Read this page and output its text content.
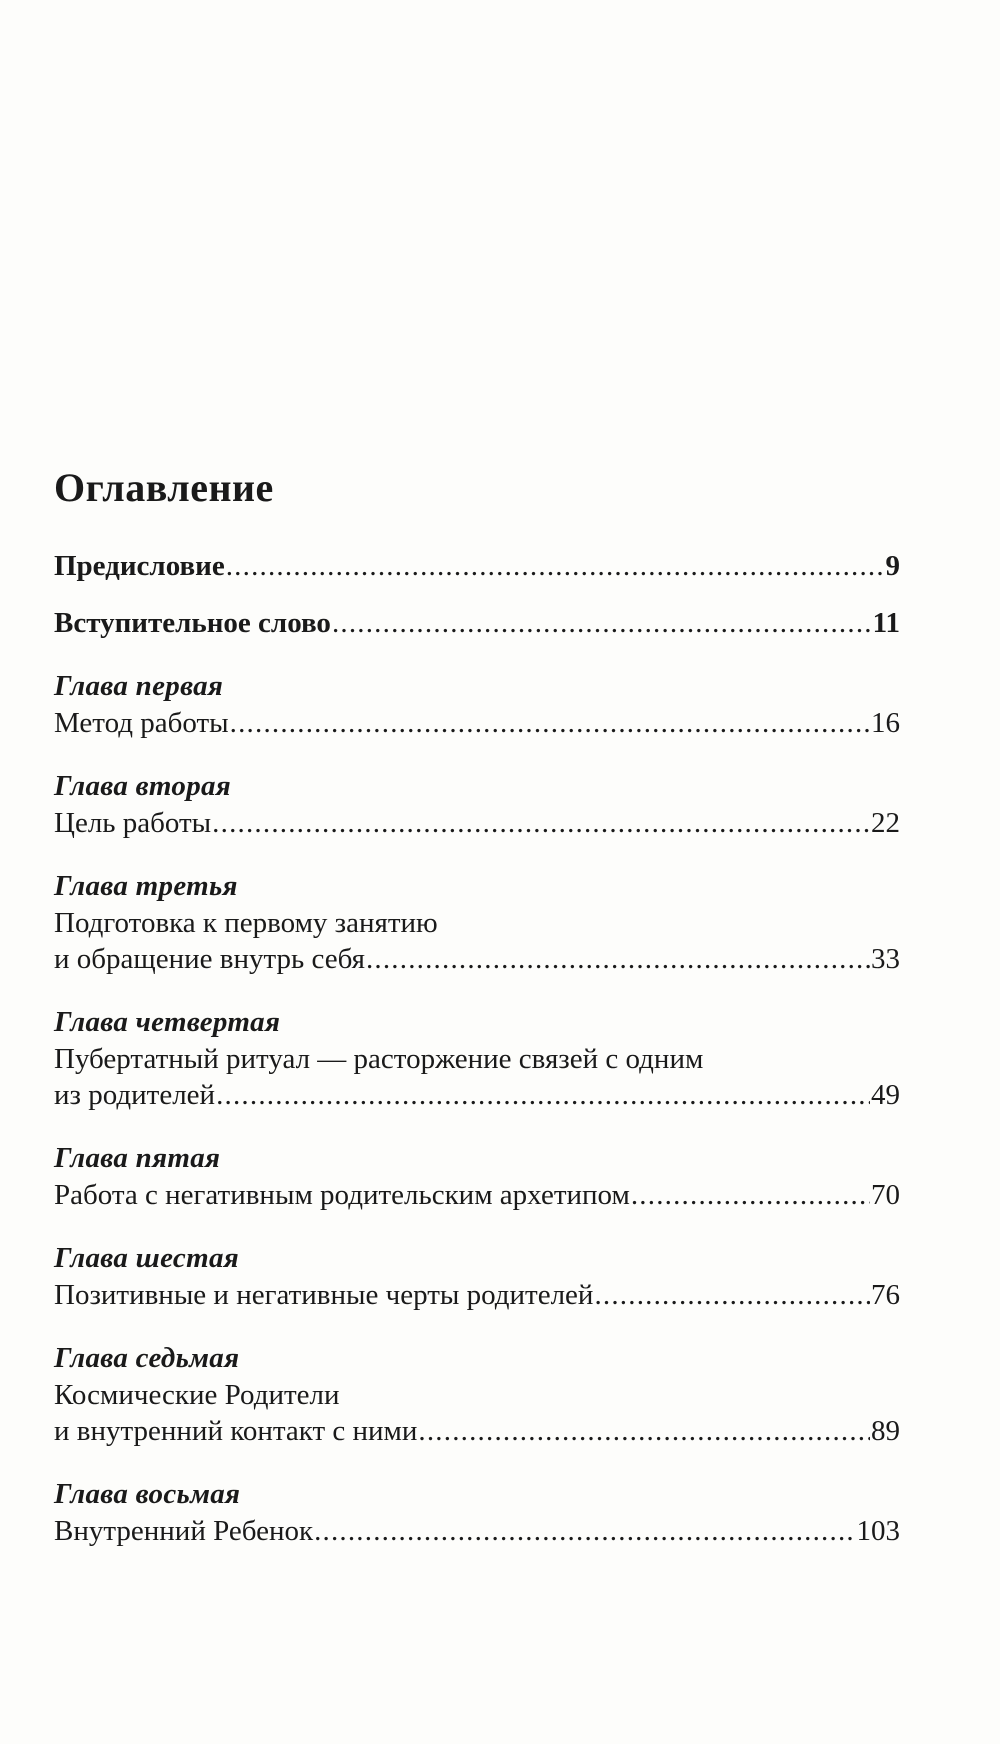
Оглавление
Предисловие .....	9
Вступительное слово .....	11
Глава первая
Метод работы .....	16
Глава вторая
Цель работы .....	22
Глава третья
Подготовка к первому занятию
и обращение внутрь себя .....	33
Глава четвертая
Пубертатный ритуал — расторжение связей с одним
из родителей .....	49
Глава пятая
Работа с негативным родительским архетипом .....	70
Глава шестая
Позитивные и негативные черты родителей .....	76
Глава седьмая
Космические Родители
и внутренний контакт с ними .....	89
Глава восьмая
Внутренний Ребенок .....	103
